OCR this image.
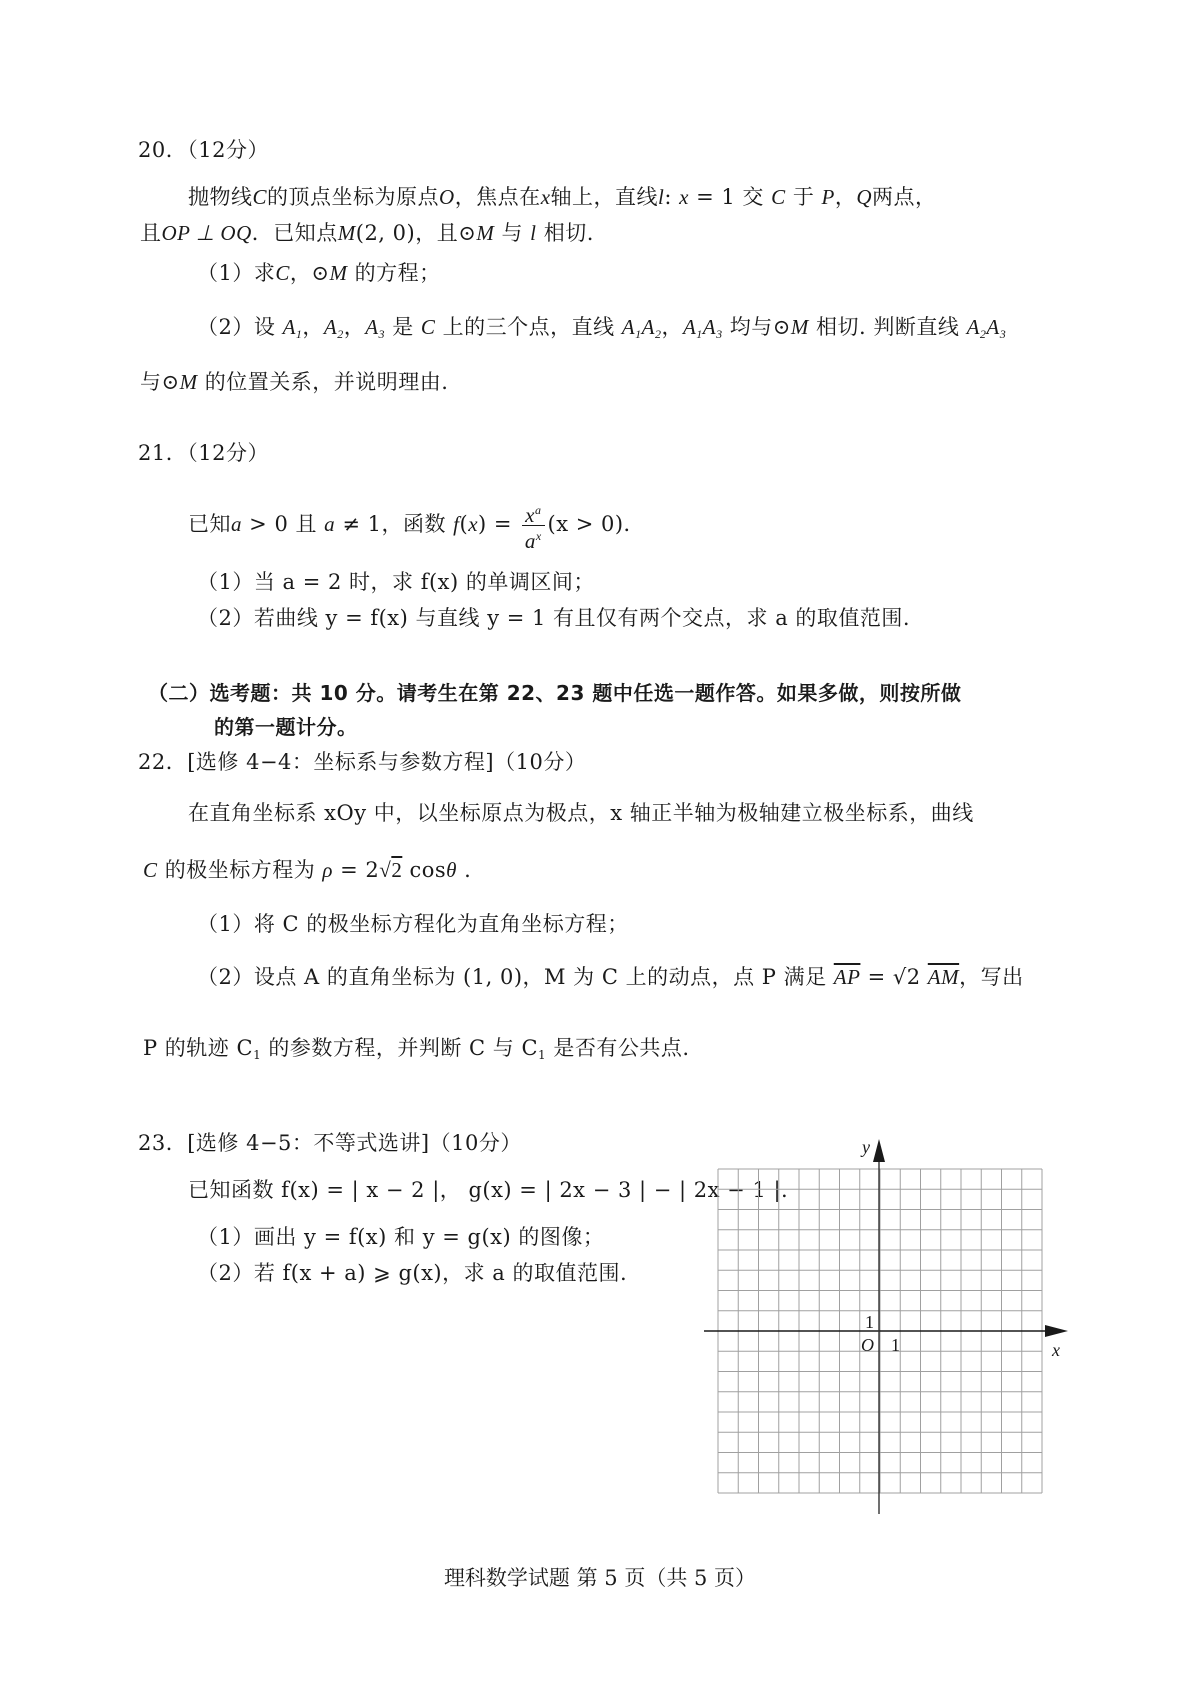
20．（12分）
抛物线C的顶点坐标为原点O，焦点在x轴上，直线l: x = 1 交 C 于 P，Q两点，
且OP ⊥ OQ．已知点M(2, 0)，且⊙M 与 l 相切.
（1）求C，⊙M 的方程；
（2）设 $A_1$，$A_2$，$A_3$ 是 C 上的三个点，直线 $A_1A_2$，$A_1A_3$ 均与⊙M 相切. 判断直线 $A_2A_3$
与⊙M 的位置关系，并说明理由.
21．（12分）
已知a > 0 且 a ≠ 1，函数 $f(x) = \frac{x^a}{a^x} (x > 0)$．
（1）当 a = 2 时，求 f(x) 的单调区间；
（2）若曲线 y = f(x) 与直线 y = 1 有且仅有两个交点，求 a 的取值范围.
（二）选考题：共 10 分。请考生在第 22、23 题中任选一题作答。如果多做，则按所做
的第一题计分。
22．[选修 4−4：坐标系与参数方程]（10分）
在直角坐标系 xOy 中，以坐标原点为极点，x 轴正半轴为极轴建立极坐标系，曲线
C 的极坐标方程为 ρ = 2√2 cosθ .
（1）将 C 的极坐标方程化为直角坐标方程；
（2）设点 A 的直角坐标为 (1, 0)，M 为 C 上的动点，点 P 满足 $\overline{AP} = √2$ $\overline{AM}$，写出
P 的轨迹 $C_1$ 的参数方程，并判断 C 与 $C_1$ 是否有公共点.
23．[选修 4−5：不等式选讲]（10分）
已知函数 f(x) = | x − 2 |， g(x) = | 2x − 3 | − | 2x − 1 |.
（1）画出 y = f(x) 和 y = g(x) 的图像；
（2）若 f(x + a) ⩾ g(x)，求 a 的取值范围.
y
x
O 1
1
理科数学试题 第 5 页（共 5 页）
